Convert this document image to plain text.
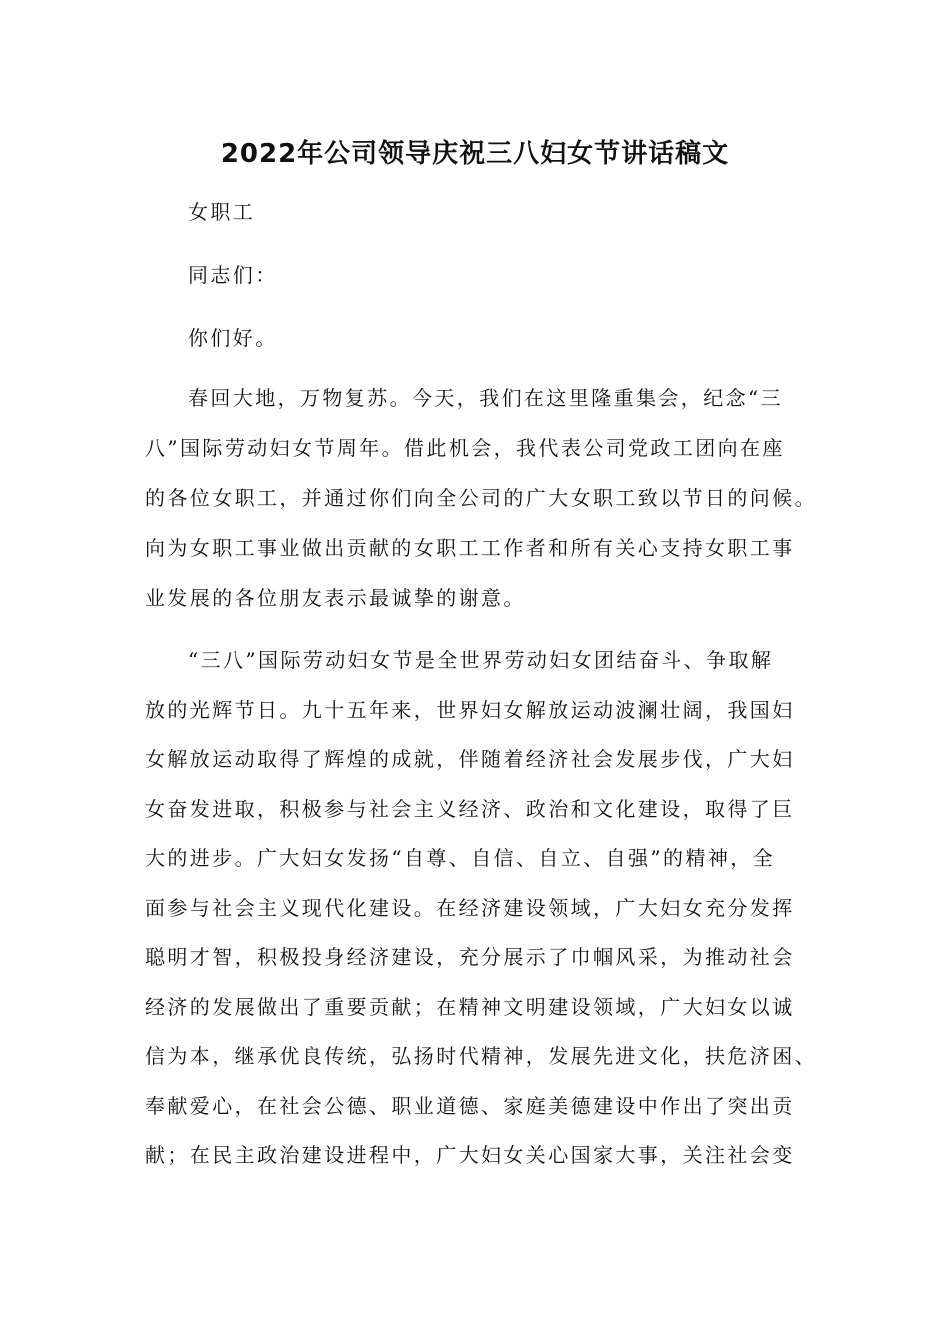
2022年公司领导庆祝三八妇女节讲话稿文
女职工
同志们：
你们好。
春回大地，万物复苏。今天，我们在这里隆重集会，纪念“三
八”国际劳动妇女节周年。借此机会，我代表公司党政工团向在座
的各位女职工，并通过你们向全公司的广大女职工致以节日的问候。
向为女职工事业做出贡献的女职工工作者和所有关心支持女职工事
业发展的各位朋友表示最诚挚的谢意。
“三八”国际劳动妇女节是全世界劳动妇女团结奋斗、争取解
放的光辉节日。九十五年来，世界妇女解放运动波澜壮阔，我国妇
女解放运动取得了辉煌的成就，伴随着经济社会发展步伐，广大妇
女奋发进取，积极参与社会主义经济、政治和文化建设，取得了巨
大的进步。广大妇女发扬“自尊、自信、自立、自强”的精神，全
面参与社会主义现代化建设。在经济建设领域，广大妇女充分发挥
聪明才智，积极投身经济建设，充分展示了巾帼风采，为推动社会
经济的发展做出了重要贡献；在精神文明建设领域，广大妇女以诚
信为本，继承优良传统，弘扬时代精神，发展先进文化，扶危济困、
奉献爱心，在社会公德、职业道德、家庭美德建设中作出了突出贡
献；在民主政治建设进程中，广大妇女关心国家大事，关注社会变
